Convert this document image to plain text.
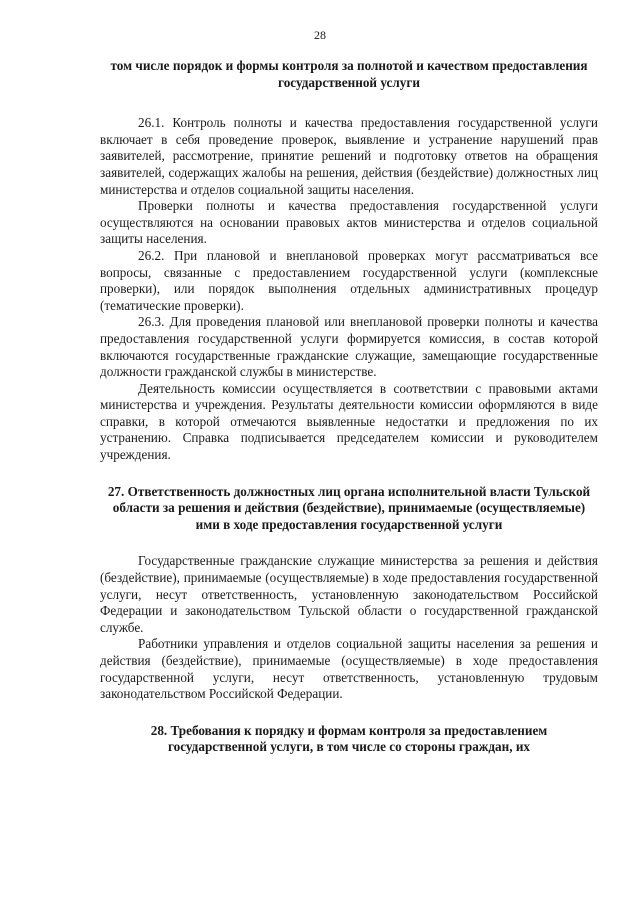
28

том числе порядок и формы контроля за полнотой и качеством предоставления государственной услуги

26.1. Контроль полноты и качества предоставления государственной услуги включает в себя проведение проверок, выявление и устранение нарушений прав заявителей, рассмотрение, принятие решений и подготовку ответов на обращения заявителей, содержащих жалобы на решения, действия (бездействие) должностных лиц министерства и отделов социальной защиты населения.

Проверки полноты и качества предоставления государственной услуги осуществляются на основании правовых актов министерства и отделов социальной защиты населения.

26.2. При плановой и внеплановой проверках могут рассматриваться все вопросы, связанные с предоставлением государственной услуги (комплексные проверки), или порядок выполнения отдельных административных процедур (тематические проверки).

26.3. Для проведения плановой или внеплановой проверки полноты и качества предоставления государственной услуги формируется комиссия, в состав которой включаются государственные гражданские служащие, замещающие государственные должности гражданской службы в министерстве.

Деятельность комиссии осуществляется в соответствии с правовыми актами министерства и учреждения. Результаты деятельности комиссии оформляются в виде справки, в которой отмечаются выявленные недостатки и предложения по их устранению. Справка подписывается председателем комиссии и руководителем учреждения.

27. Ответственность должностных лиц органа исполнительной власти Тульской области за решения и действия (бездействие), принимаемые (осуществляемые) ими в ходе предоставления государственной услуги

Государственные гражданские служащие министерства за решения и действия (бездействие), принимаемые (осуществляемые) в ходе предоставления государственной услуги, несут ответственность, установленную законодательством Российской Федерации и законодательством Тульской области о государственной гражданской службе.

Работники управления и отделов социальной защиты населения за решения и действия (бездействие), принимаемые (осуществляемые) в ходе предоставления государственной услуги, несут ответственность, установленную трудовым законодательством Российской Федерации.

28. Требования к порядку и формам контроля за предоставлением государственной услуги, в том числе со стороны граждан, их
